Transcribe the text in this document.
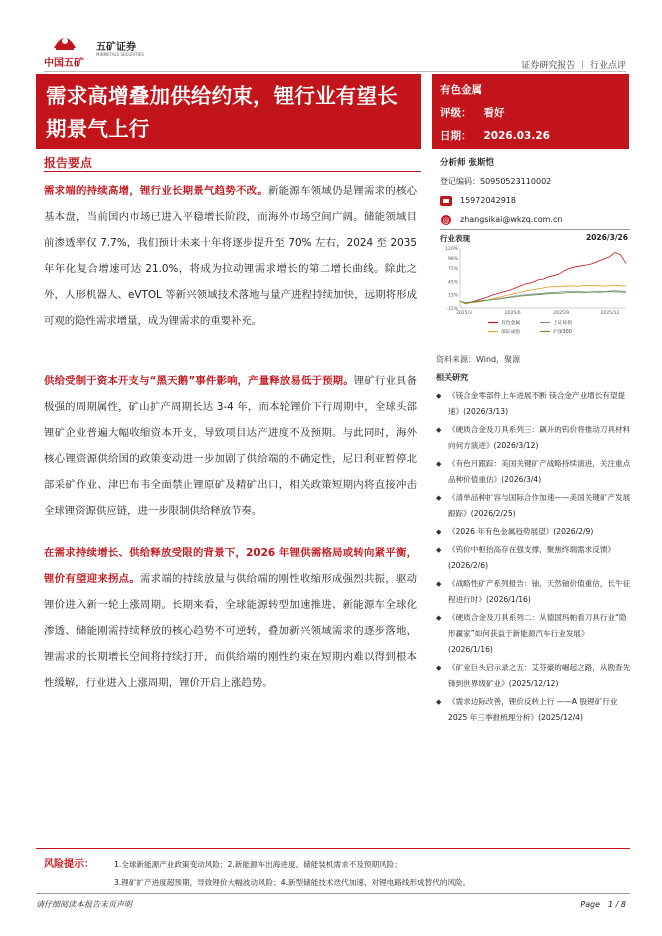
中国五矿
五矿证券
MINMETALS SECURITIES
证券研究报告 ｜ 行业点评
需求高增叠加供给约束，锂行业有望长
期景气上行
有色金属
评级： 看好
日期： 2026.03.26
报告要点

需求端的持续高增，锂行业长期景气趋势不改。新能源车领域仍是锂需求的核心基本盘，当前国内市场已进入平稳增长阶段，而海外市场空间广阔。储能领域目前渗透率仅 7.7%，我们预计未来十年将逐步提升至 70% 左右，2024 至 2035 年年化复合增速可达 21.0%，将成为拉动锂需求增长的第二增长曲线。除此之外，人形机器人、eVTOL 等新兴领域技术落地与量产进程持续加快，远期将形成可观的隐性需求增量，成为锂需求的重要补充。

供给受制于资本开支与“黑天鹅”事件影响，产量释放易低于预期。锂矿行业具备极强的周期属性，矿山扩产周期长达 3-4 年，而本轮锂价下行周期中，全球头部锂矿企业普遍大幅收缩资本开支，导致项目达产进度不及预期。与此同时，海外核心锂资源供给国的政策变动进一步加剧了供给端的不确定性，尼日利亚暂停北部采矿作业、津巴布韦全面禁止锂原矿及精矿出口，相关政策短期内将直接冲击全球锂资源供应链，进一步限制供给释放节奏。

在需求持续增长、供给释放受限的背景下，2026 年锂供需格局或转向紧平衡，锂价有望迎来拐点。需求端的持续放量与供给端的刚性收缩形成强烈共振，驱动锂价进入新一轮上涨周期。长期来看，全球能源转型加速推进、新能源车全球化渗透、储能刚需持续释放的核心趋势不可逆转，叠加新兴领域需求的逐步落地，锂需求的长期增长空间将持续打开，而供给端的刚性约束在短期内难以得到根本性缓解，行业进入上涨周期，锂价开启上涨趋势。

分析师 张斯恺
登记编码：S0950523110002
15972042918
@ zhangsikai@wkzq.com.cn
行业表现	2026/3/26
120%
98%
75%
45%
15%
-15%
2025/3	2025/6	2025/9	2025/12
有色金属	上证综指
深证成指	沪深300
资料来源：Wind，聚源
相关研究
◆ 《镁合金零部件上车进展不断 镁合金产业增长有望提速》(2026/3/13)
◆ 《硬质合金及刀具系列三：飙升的钨价将推动刀具材料向何方演进》(2026/3/12)
◆ 《有色月跟踪：美国关键矿产战略持续演进，关注重点品种价值重估》(2026/3/4)
◆ 《清单品种扩容与国际合作加速——美国关键矿产发展跟踪》(2026/2/25)
◆ 《2026 年有色金属趋势展望》(2026/2/9)
◆ 《钨价中枢抬高存在强支撑，聚焦终端需求反馈》(2026/2/6)
◆ 《战略性矿产系列报告：铀，天然铀价值重估，长牛征程进行时》(2026/1/16)
◆ 《硬质合金及刀具系列二：从德国玛帕看刀具行业“隐形赢家”如何获益于新能源汽车行业发展》(2026/1/16)
◆ 《矿业巨头启示录之五：艾芬豪的崛起之路，从勘查先锋到世界级矿业》(2025/12/12)
◆ 《需求边际改善，锂价反转上行 ——A 股锂矿行业 2025 年三季报梳理分析》(2025/12/4)
风险提示：	1.全球新能源产业政策变动风险；2.新能源车出海进度、储能装机需求不及预期风险；
3.锂矿扩产进度超预期，导致锂价大幅波动风险；4.新型储能技术迭代加速、对锂电路线形成替代的风险。
请仔细阅读本报告末页声明	Page　1 / 8
